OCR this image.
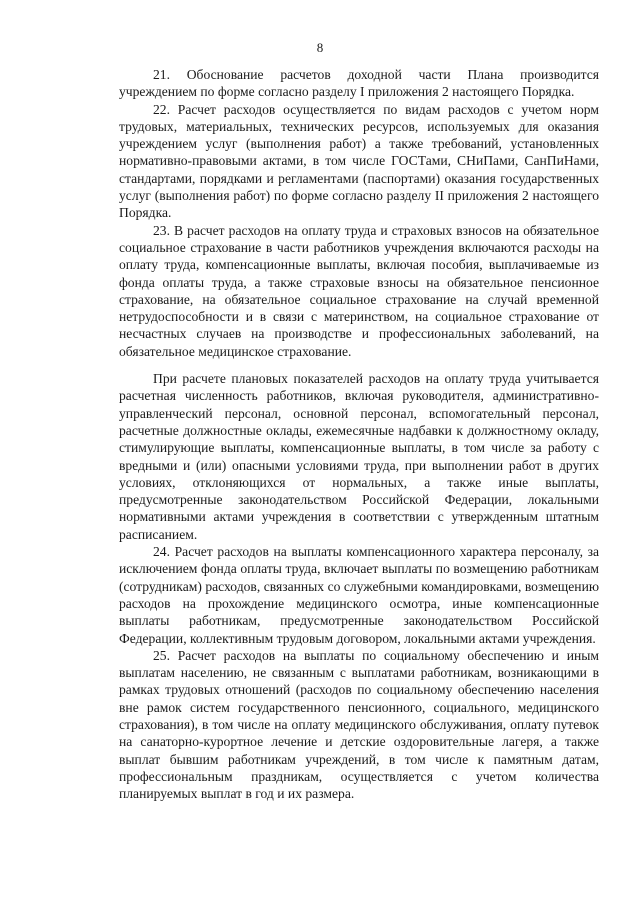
8

21. Обоснование расчетов доходной части Плана производится учреждением по форме согласно разделу I приложения 2 настоящего Порядка.

22. Расчет расходов осуществляется по видам расходов с учетом норм трудовых, материальных, технических ресурсов, используемых для оказания учреждением услуг (выполнения работ) а также требований, установленных нормативно-правовыми актами, в том числе ГОСТами, СНиПами, СанПиНами, стандартами, порядками и регламентами (паспортами) оказания государственных услуг (выполнения работ) по форме согласно разделу II приложения 2 настоящего Порядка.

23. В расчет расходов на оплату труда и страховых взносов на обязательное социальное страхование в части работников учреждения включаются расходы на оплату труда, компенсационные выплаты, включая пособия, выплачиваемые из фонда оплаты труда, а также страховые взносы на обязательное пенсионное страхование, на обязательное социальное страхование на случай временной нетрудоспособности и в связи с материнством, на социальное страхование от несчастных случаев на производстве и профессиональных заболеваний, на обязательное медицинское страхование.

При расчете плановых показателей расходов на оплату труда учитывается расчетная численность работников, включая руководителя, административно-управленческий персонал, основной персонал, вспомогательный персонал, расчетные должностные оклады, ежемесячные надбавки к должностному окладу, стимулирующие выплаты, компенсационные выплаты, в том числе за работу с вредными и (или) опасными условиями труда, при выполнении работ в других условиях, отклоняющихся от нормальных, а также иные выплаты, предусмотренные законодательством Российской Федерации, локальными нормативными актами учреждения в соответствии с утвержденным штатным расписанием.

24. Расчет расходов на выплаты компенсационного характера персоналу, за исключением фонда оплаты труда, включает выплаты по возмещению работникам (сотрудникам) расходов, связанных со служебными командировками, возмещению расходов на прохождение медицинского осмотра, иные компенсационные выплаты работникам, предусмотренные законодательством Российской Федерации, коллективным трудовым договором, локальными актами учреждения.

25. Расчет расходов на выплаты по социальному обеспечению и иным выплатам населению, не связанным с выплатами работникам, возникающими в рамках трудовых отношений (расходов по социальному обеспечению населения вне рамок систем государственного пенсионного, социального, медицинского страхования), в том числе на оплату медицинского обслуживания, оплату путевок на санаторно-курортное лечение и детские оздоровительные лагеря, а также выплат бывшим работникам учреждений, в том числе к памятным датам, профессиональным праздникам, осуществляется с учетом количества планируемых выплат в год и их размера.
